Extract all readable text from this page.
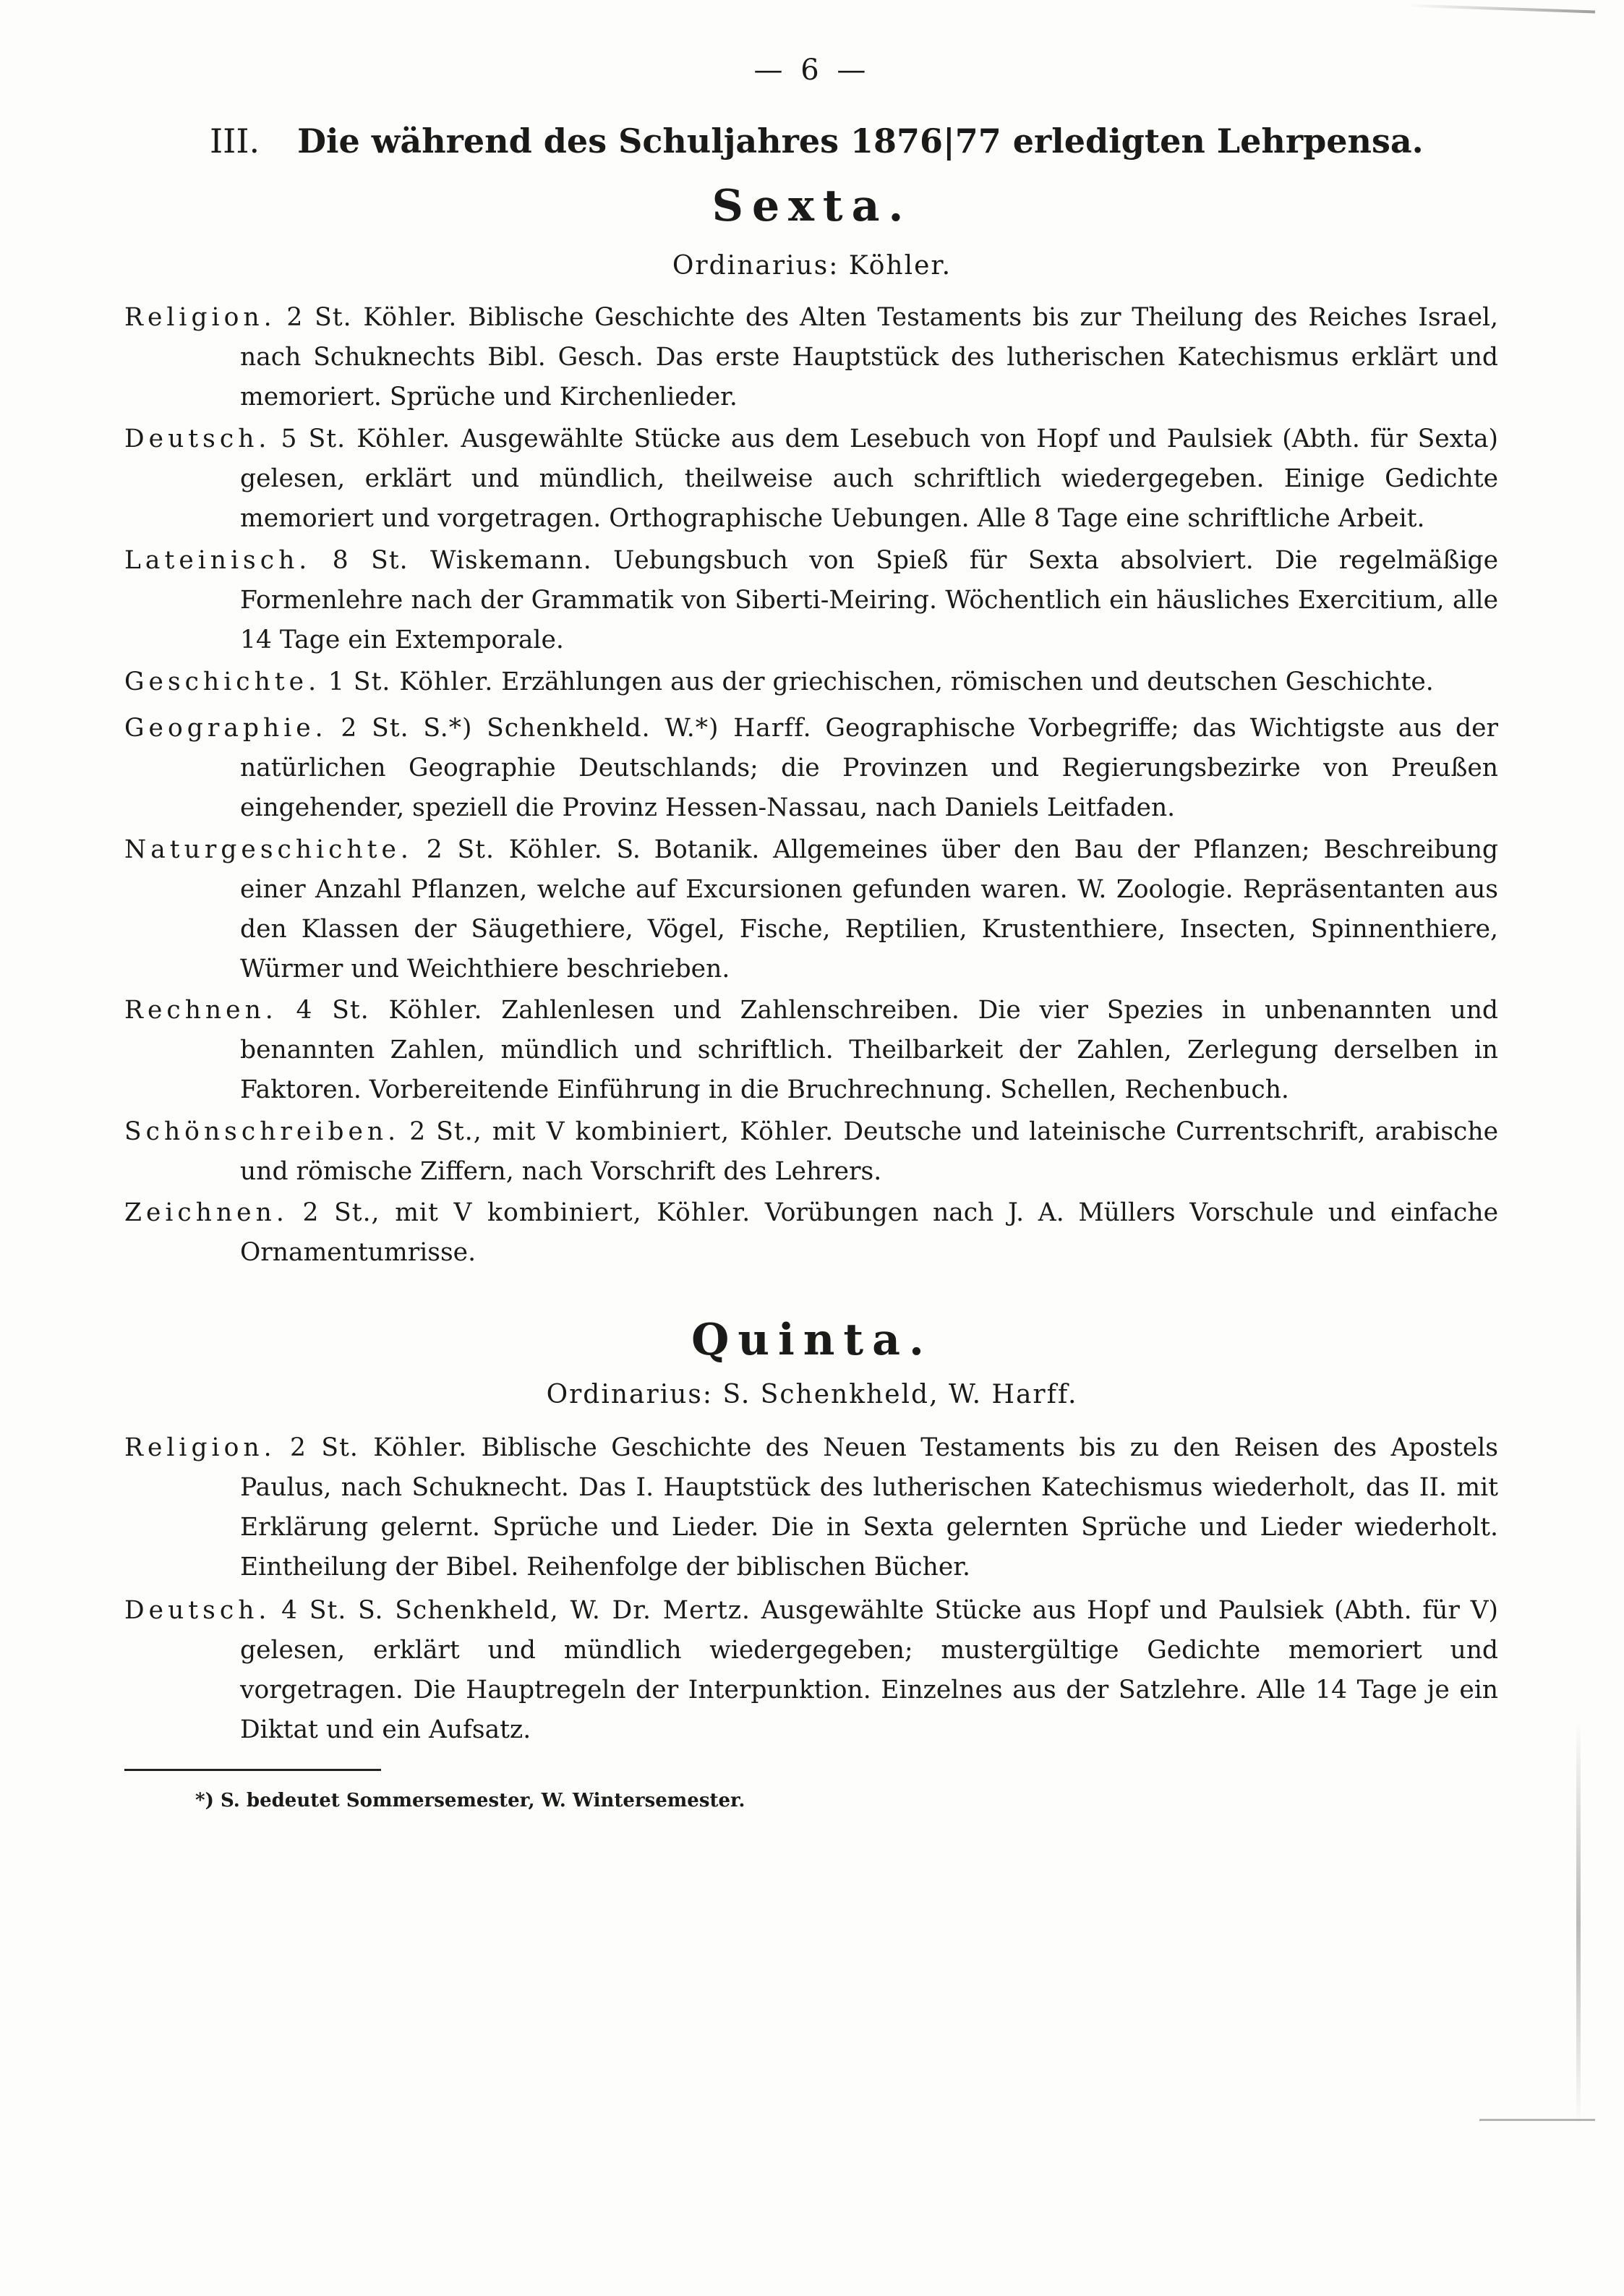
— 6 —
III. Die während des Schuljahres 1876|77 erledigten Lehrpensa.
Sexta.
Ordinarius: Köhler.
Religion. 2 St. Köhler. Biblische Geschichte des Alten Testaments bis zur Theilung des Reiches Israel, nach Schuknechts Bibl. Gesch. Das erste Hauptstück des lutherischen Katechismus erklärt und memoriert. Sprüche und Kirchenlieder.
Deutsch. 5 St. Köhler. Ausgewählte Stücke aus dem Lesebuch von Hopf und Paulsiek (Abth. für Sexta) gelesen, erklärt und mündlich, theilweise auch schriftlich wiedergegeben. Einige Gedichte memoriert und vorgetragen. Orthographische Uebungen. Alle 8 Tage eine schriftliche Arbeit.
Lateinisch. 8 St. Wiskemann. Uebungsbuch von Spieß für Sexta absolviert. Die regelmäßige Formenlehre nach der Grammatik von Siberti-Meiring. Wöchentlich ein häusliches Exercitium, alle 14 Tage ein Extemporale.
Geschichte. 1 St. Köhler. Erzählungen aus der griechischen, römischen und deutschen Geschichte.
Geographie. 2 St. S.*) Schenkheld. W.*) Harff. Geographische Vorbegriffe; das Wichtigste aus der natürlichen Geographie Deutschlands; die Provinzen und Regierungsbezirke von Preußen eingehender, speziell die Provinz Hessen-Nassau, nach Daniels Leitfaden.
Naturgeschichte. 2 St. Köhler. S. Botanik. Allgemeines über den Bau der Pflanzen; Beschreibung einer Anzahl Pflanzen, welche auf Excursionen gefunden waren. W. Zoologie. Repräsentanten aus den Klassen der Säugethiere, Vögel, Fische, Reptilien, Krustenthiere, Insecten, Spinnenthiere, Würmer und Weichthiere beschrieben.
Rechnen. 4 St. Köhler. Zahlenlesen und Zahlenschreiben. Die vier Spezies in unbenannten und benannten Zahlen, mündlich und schriftlich. Theilbarkeit der Zahlen, Zerlegung derselben in Faktoren. Vorbereitende Einführung in die Bruchrechnung. Schellen, Rechenbuch.
Schönschreiben. 2 St., mit V kombiniert, Köhler. Deutsche und lateinische Currentschrift, arabische und römische Ziffern, nach Vorschrift des Lehrers.
Zeichnen. 2 St., mit V kombiniert, Köhler. Vorübungen nach J. A. Müllers Vorschule und einfache Ornamentumrisse.
Quinta.
Ordinarius: S. Schenkheld, W. Harff.
Religion. 2 St. Köhler. Biblische Geschichte des Neuen Testaments bis zu den Reisen des Apostels Paulus, nach Schuknecht. Das I. Hauptstück des lutherischen Katechismus wiederholt, das II. mit Erklärung gelernt. Sprüche und Lieder. Die in Sexta gelernten Sprüche und Lieder wiederholt. Eintheilung der Bibel. Reihenfolge der biblischen Bücher.
Deutsch. 4 St. S. Schenkheld, W. Dr. Mertz. Ausgewählte Stücke aus Hopf und Paulsiek (Abth. für V) gelesen, erklärt und mündlich wiedergegeben; mustergültige Gedichte memoriert und vorgetragen. Die Hauptregeln der Interpunktion. Einzelnes aus der Satzlehre. Alle 14 Tage je ein Diktat und ein Aufsatz.
*) S. bedeutet Sommersemester, W. Wintersemester.
